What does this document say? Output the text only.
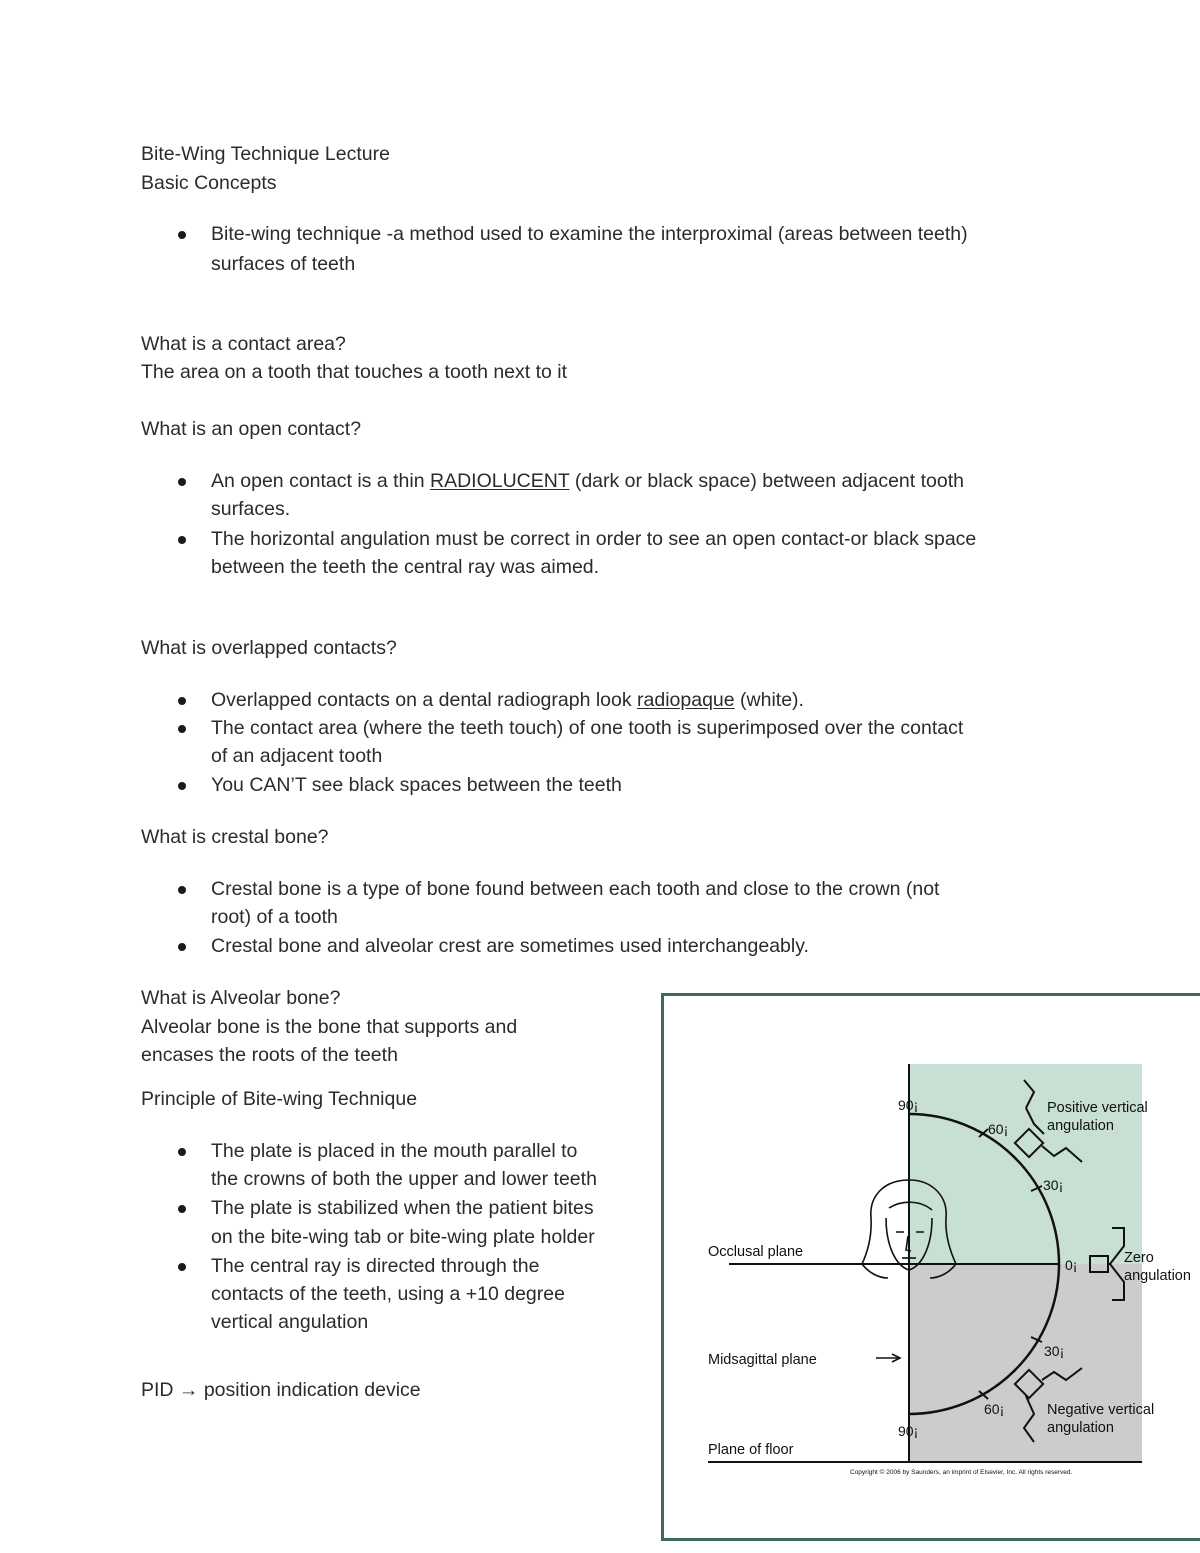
Bite-Wing Technique Lecture
Basic Concepts
Bite-wing technique -a method used to examine the interproximal (areas between teeth)
surfaces of teeth
What is a contact area?
The area on a tooth that touches a tooth next to it
What is an open contact?
An open contact is a thin RADIOLUCENT (dark or black space) between adjacent tooth
surfaces.
The horizontal angulation must be correct in order to see an open contact-or black space
between the teeth the central ray was aimed.
What is overlapped contacts?
Overlapped contacts on a dental radiograph look radiopaque (white).
The contact area (where the teeth touch) of one tooth is superimposed over the contact
of an adjacent tooth
You CAN’T see black spaces between the teeth
What is crestal bone?
Crestal bone is a type of bone found between each tooth and close to the crown (not
root) of a tooth
Crestal bone and alveolar crest are sometimes used interchangeably.
What is Alveolar bone?
Alveolar bone is the bone that supports and
encases the roots of the teeth
Principle of Bite-wing Technique
The plate is placed in the mouth parallel to
the crowns of both the upper and lower teeth
The plate is stabilized when the patient bites
on the bite-wing tab or bite-wing plate holder
The central ray is directed through the
contacts of the teeth, using a +10 degree
vertical angulation
PID → position indication device
Occlusal plane
Midsagittal plane
Plane of floor
Positive vertical
angulation
Zero
angulation
Negative vertical
angulation
90¡
60¡
30¡
0¡
30¡
60¡
90¡
Copyright © 2006 by Saunders, an imprint of Elsevier, Inc. All rights reserved.
